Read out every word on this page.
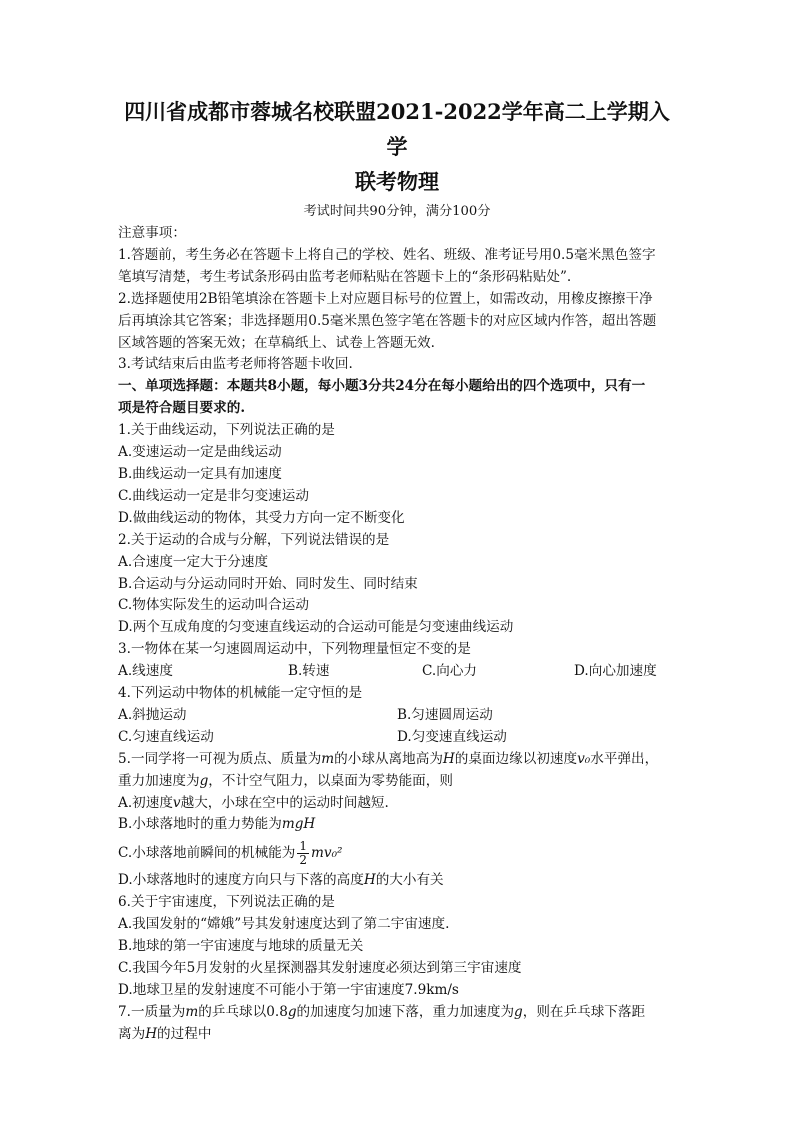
四川省成都市蓉城名校联盟2021-2022学年高二上学期入学

联考物理

考试时间共90分钟，满分100分

注意事项：

1.答题前，考生务必在答题卡上将自己的学校、姓名、班级、准考证号用0.5毫米黑色签字

笔填写清楚，考生考试条形码由监考老师粘贴在答题卡上的“条形码粘贴处”.

2.选择题使用2B铅笔填涂在答题卡上对应题目标号的位置上，如需改动，用橡皮擦擦干净

后再填涂其它答案；非选择题用0.5毫米黑色签字笔在答题卡的对应区域内作答，超出答题

区域答题的答案无效；在草稿纸上、试卷上答题无效.

3.考试结束后由监考老师将答题卡收回.

一、单项选择题：本题共8小题，每小题3分共24分在每小题给出的四个选项中，只有一

项是符合题目要求的.

1.关于曲线运动，下列说法正确的是

A.变速运动一定是曲线运动

B.曲线运动一定具有加速度

C.曲线运动一定是非匀变速运动

D.做曲线运动的物体，其受力方向一定不断变化

2.关于运动的合成与分解，下列说法错误的是

A.合速度一定大于分速度

B.合运动与分运动同时开始、同时发生、同时结束

C.物体实际发生的运动叫合运动

D.两个互成角度的匀变速直线运动的合运动可能是匀变速曲线运动

3.一物体在某一匀速圆周运动中，下列物理量恒定不变的是

A.线速度	B.转速	C.向心力	D.向心加速度

4.下列运动中物体的机械能一定守恒的是

A.斜抛运动	B.匀速圆周运动
C.匀速直线运动	D.匀变速直线运动

5.一同学将一可视为质点、质量为m的小球从离地高为H的桌面边缘以初速度v₀水平弹出，

重力加速度为g，不计空气阻力，以桌面为零势能面，则

A.初速度v越大，小球在空中的运动时间越短.

B.小球落地时的重力势能为mgH

C.小球落地前瞬间的机械能为 $\frac{1}{2} mv_0^2$

D.小球落地时的速度方向只与下落的高度H的大小有关

6.关于宇宙速度，下列说法正确的是

A.我国发射的“嫦娥”号其发射速度达到了第二宇宙速度.

B.地球的第一宇宙速度与地球的质量无关

C.我国今年5月发射的火星探测器其发射速度必须达到第三宇宙速度

D.地球卫星的发射速度不可能小于第一宇宙速度7.9km/s

7.一质量为m的乒乓球以0.8g的加速度匀加速下落，重力加速度为g，则在乒乓球下落距

离为H的过程中
